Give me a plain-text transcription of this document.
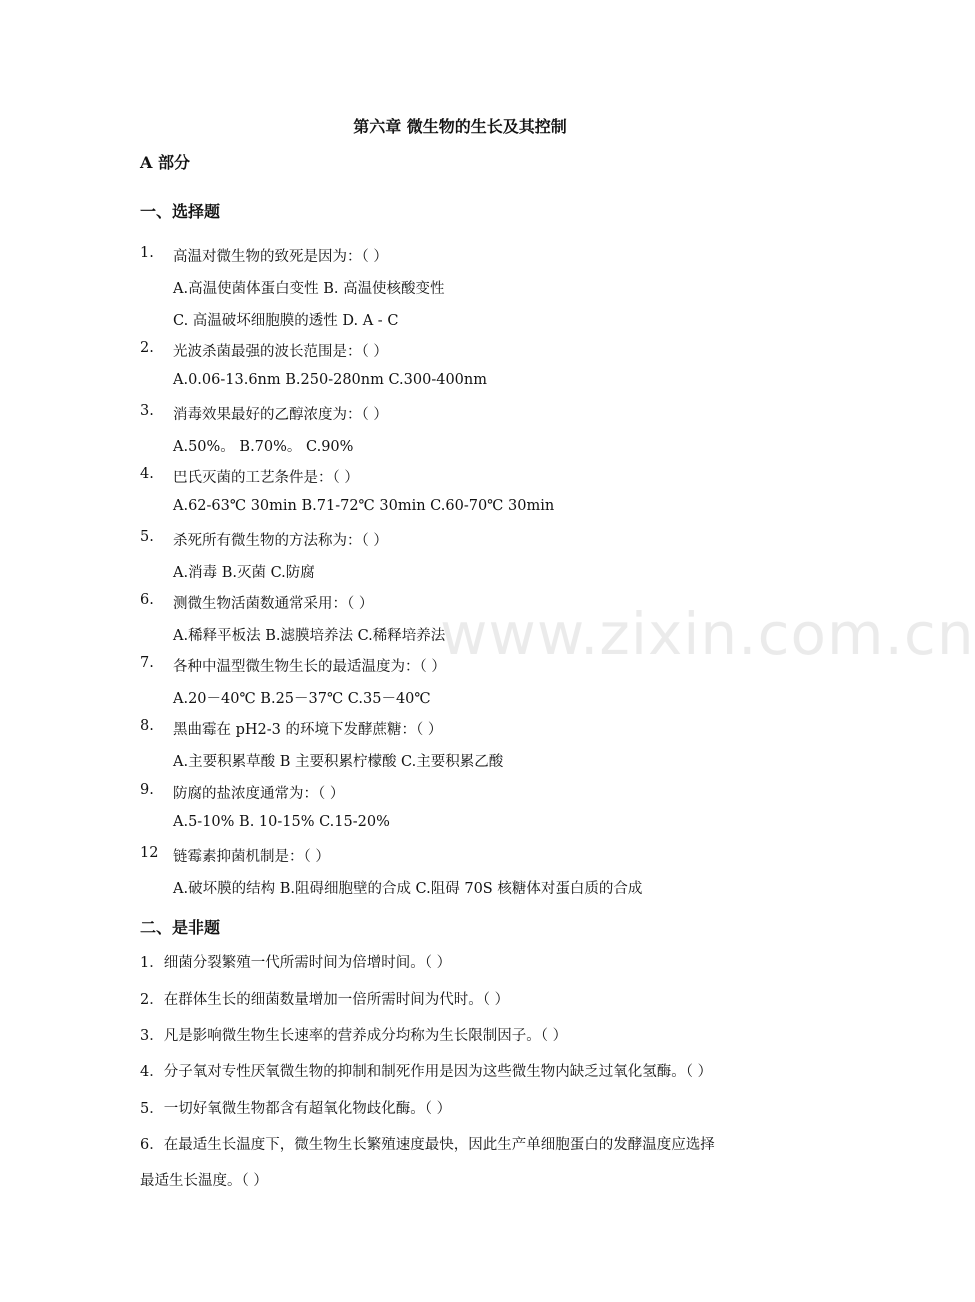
www.zixin.com.cn
第六章 微生物的生长及其控制
A 部分
一、选择题
1. 高温对微生物的致死是因为：（ ）
A.高温使菌体蛋白变性 B. 高温使核酸变性
C. 高温破坏细胞膜的透性 D. A - C
2. 光波杀菌最强的波长范围是：（ ）
A.0.06-13.6nm B.250-280nm C.300-400nm
3. 消毒效果最好的乙醇浓度为：（ ）
A.50%。 B.70%。 C.90%
4. 巴氏灭菌的工艺条件是：（ ）
A.62-63℃ 30min B.71-72℃ 30min C.60-70℃ 30min
5. 杀死所有微生物的方法称为：（ ）
A.消毒 B.灭菌 C.防腐
6. 测微生物活菌数通常采用：（ ）
A.稀释平板法 B.滤膜培养法 C.稀释培养法
7. 各种中温型微生物生长的最适温度为：（ ）
A.20－40℃ B.25－37℃ C.35－40℃
8. 黑曲霉在 pH2-3 的环境下发酵蔗糖：（ ）
A.主要积累草酸 B 主要积累柠檬酸 C.主要积累乙酸
9. 防腐的盐浓度通常为：（ ）
A.5-10% B. 10-15% C.15-20%
12 链霉素抑菌机制是：（ ）
A.破坏膜的结构 B.阻碍细胞壁的合成 C.阻碍 70S 核糖体对蛋白质的合成
二、是非题
1．细菌分裂繁殖一代所需时间为倍增时间。（ ）
2．在群体生长的细菌数量增加一倍所需时间为代时。（ ）
3．凡是影响微生物生长速率的营养成分均称为生长限制因子。（ ）
4．分子氧对专性厌氧微生物的抑制和制死作用是因为这些微生物内缺乏过氧化氢酶。（ ）
5．一切好氧微生物都含有超氧化物歧化酶。（ ）
6．在最适生长温度下，微生物生长繁殖速度最快，因此生产单细胞蛋白的发酵温度应选择
最适生长温度。（ ）
